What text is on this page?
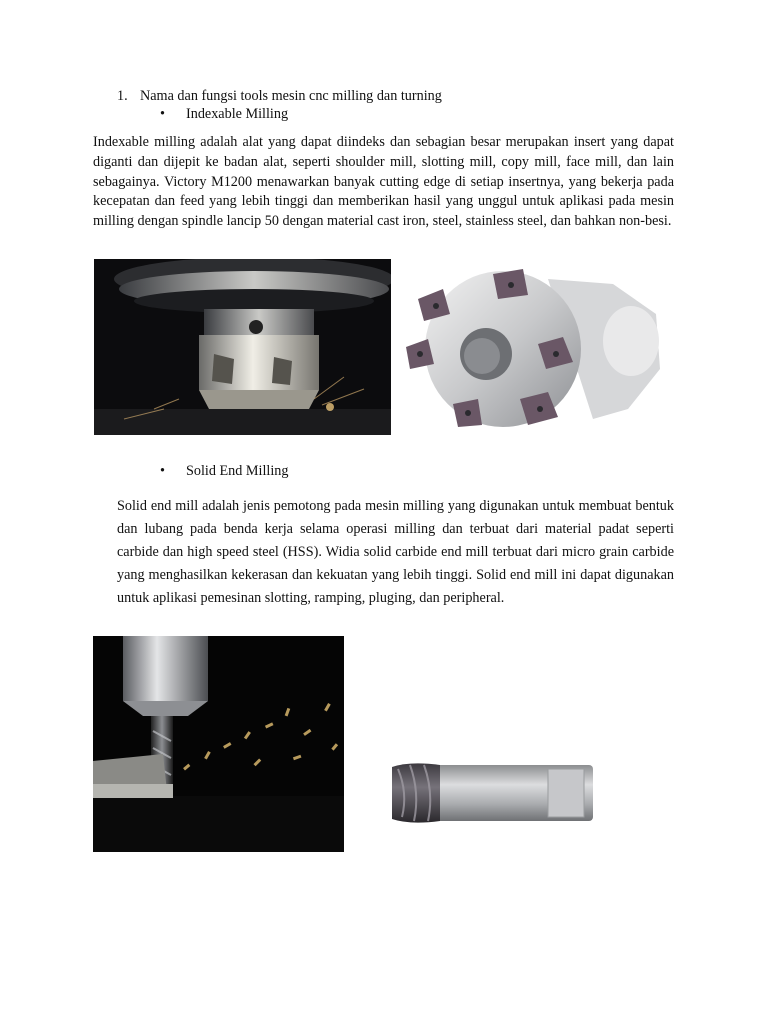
1. Nama dan fungsi tools mesin cnc milling dan turning
• Indexable Milling
Indexable milling adalah alat yang dapat diindeks dan sebagian besar merupakan insert yang dapat diganti dan dijepit ke badan alat, seperti shoulder mill, slotting mill, copy mill, face mill, dan lain sebagainya. Victory M1200 menawarkan banyak cutting edge di setiap insertnya, yang bekerja pada kecepatan dan feed yang lebih tinggi dan memberikan hasil yang unggul untuk aplikasi pada mesin milling dengan spindle lancip 50 dengan material cast iron, steel, stainless steel, dan bahkan non-besi.
• Solid End Milling
Solid end mill adalah jenis pemotong pada mesin milling yang digunakan untuk membuat bentuk dan lubang pada benda kerja selama operasi milling dan terbuat dari material padat seperti carbide dan high speed steel (HSS). Widia solid carbide end mill terbuat dari micro grain carbide yang menghasilkan kekerasan dan kekuatan yang lebih tinggi. Solid end mill ini dapat digunakan untuk aplikasi pemesinan slotting, ramping, pluging, dan peripheral.
